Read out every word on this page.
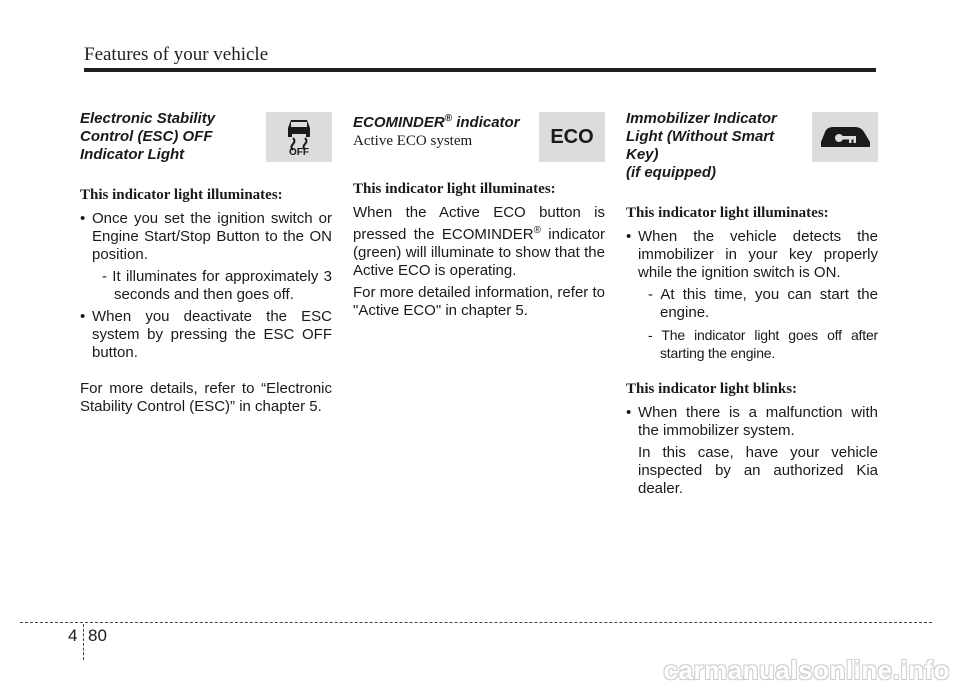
Features of your vehicle
Electronic Stability
Control (ESC) OFF
Indicator Light	OFF

This indicator light illuminates:

• Once you set the ignition switch or Engine Start/Stop Button to the ON position.
- It illuminates for approximately 3 seconds and then goes off.
• When you deactivate the ESC system by pressing the ESC OFF button.

For more details, refer to “Electronic Stability Control (ESC)” in chapter 5.

ECOMINDER® indicator
ECO
Active ECO system

This indicator light illuminates:

When the Active ECO button is pressed the ECOMINDER® indicator (green) will illuminate to show that the Active ECO is operating.

For more detailed information, refer to "Active ECO" in chapter 5.

Immobilizer Indicator
Light (Without Smart Key)
(if equipped)

This indicator light illuminates:

• When the vehicle detects the immobilizer in your key properly while the ignition switch is ON.
- At this time, you can start the engine.
- The indicator light goes off after starting the engine.

This indicator light blinks:

• When there is a malfunction with the immobilizer system.
In this case, have your vehicle inspected by an authorized Kia dealer.
4 80
carmanualsonline.info
